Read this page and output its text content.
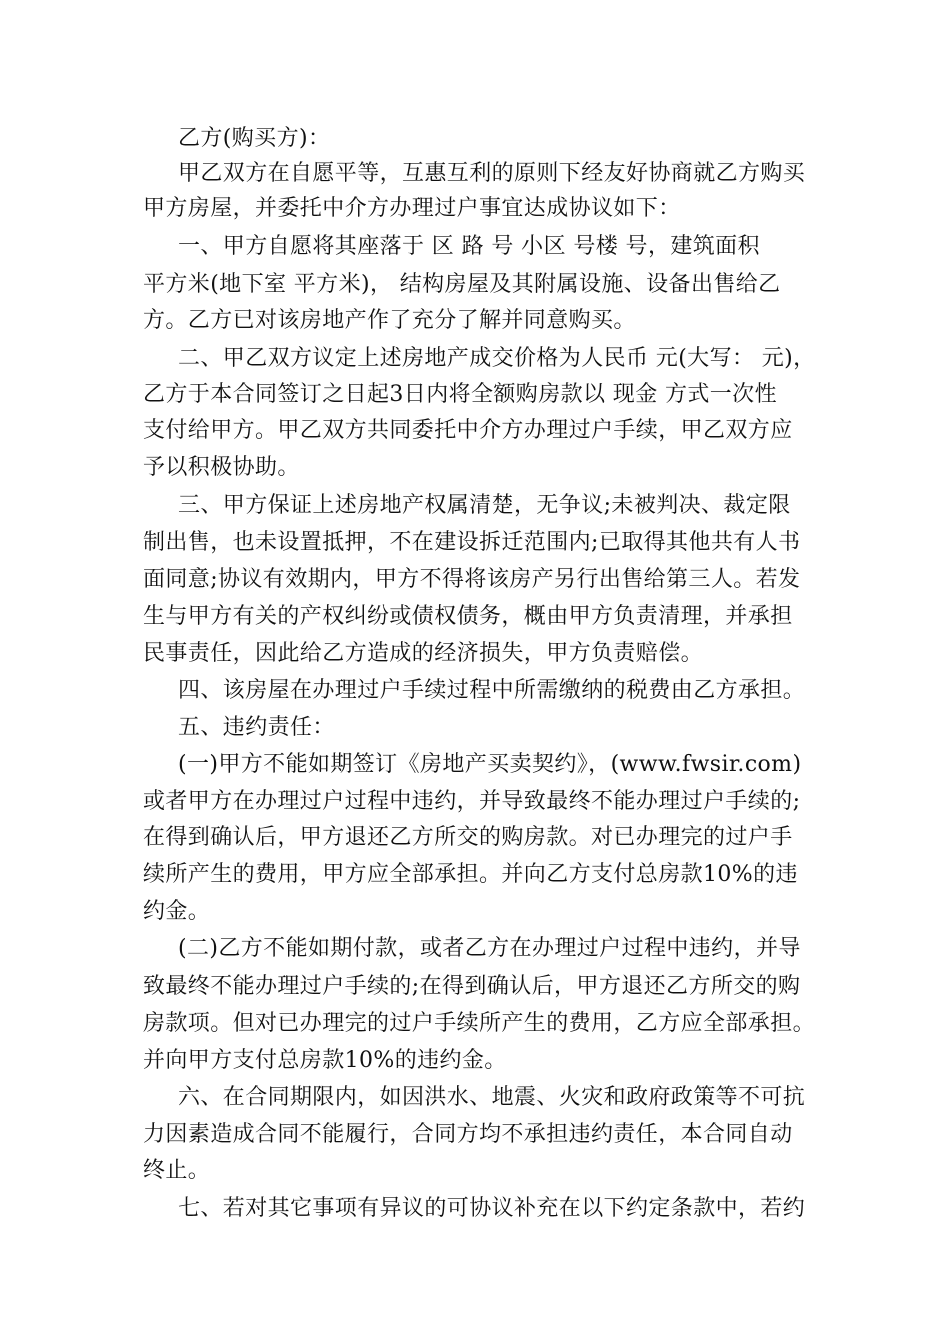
乙方(购买方)：
甲乙双方在自愿平等，互惠互利的原则下经友好协商就乙方购买
甲方房屋，并委托中介方办理过户事宜达成协议如下：
一、甲方自愿将其座落于 区 路 号 小区 号楼 号，建筑面积
平方米(地下室 平方米)， 结构房屋及其附属设施、设备出售给乙
方。乙方已对该房地产作了充分了解并同意购买。
二、甲乙双方议定上述房地产成交价格为人民币 元(大写： 元)，
乙方于本合同签订之日起3日内将全额购房款以 现金 方式一次性
支付给甲方。甲乙双方共同委托中介方办理过户手续，甲乙双方应
予以积极协助。
三、甲方保证上述房地产权属清楚，无争议;未被判决、裁定限
制出售，也未设置抵押，不在建设拆迁范围内;已取得其他共有人书
面同意;协议有效期内，甲方不得将该房产另行出售给第三人。若发
生与甲方有关的产权纠纷或债权债务，概由甲方负责清理，并承担
民事责任，因此给乙方造成的经济损失，甲方负责赔偿。
四、该房屋在办理过户手续过程中所需缴纳的税费由乙方承担。
五、违约责任：
(一)甲方不能如期签订《房地产买卖契约》，(www.fwsir.com)
或者甲方在办理过户过程中违约，并导致最终不能办理过户手续的;
在得到确认后，甲方退还乙方所交的购房款。对已办理完的过户手
续所产生的费用，甲方应全部承担。并向乙方支付总房款10%的违
约金。
(二)乙方不能如期付款，或者乙方在办理过户过程中违约，并导
致最终不能办理过户手续的;在得到确认后，甲方退还乙方所交的购
房款项。但对已办理完的过户手续所产生的费用，乙方应全部承担。
并向甲方支付总房款10%的违约金。
六、在合同期限内，如因洪水、地震、火灾和政府政策等不可抗
力因素造成合同不能履行，合同方均不承担违约责任，本合同自动
终止。
七、若对其它事项有异议的可协议补充在以下约定条款中，若约
